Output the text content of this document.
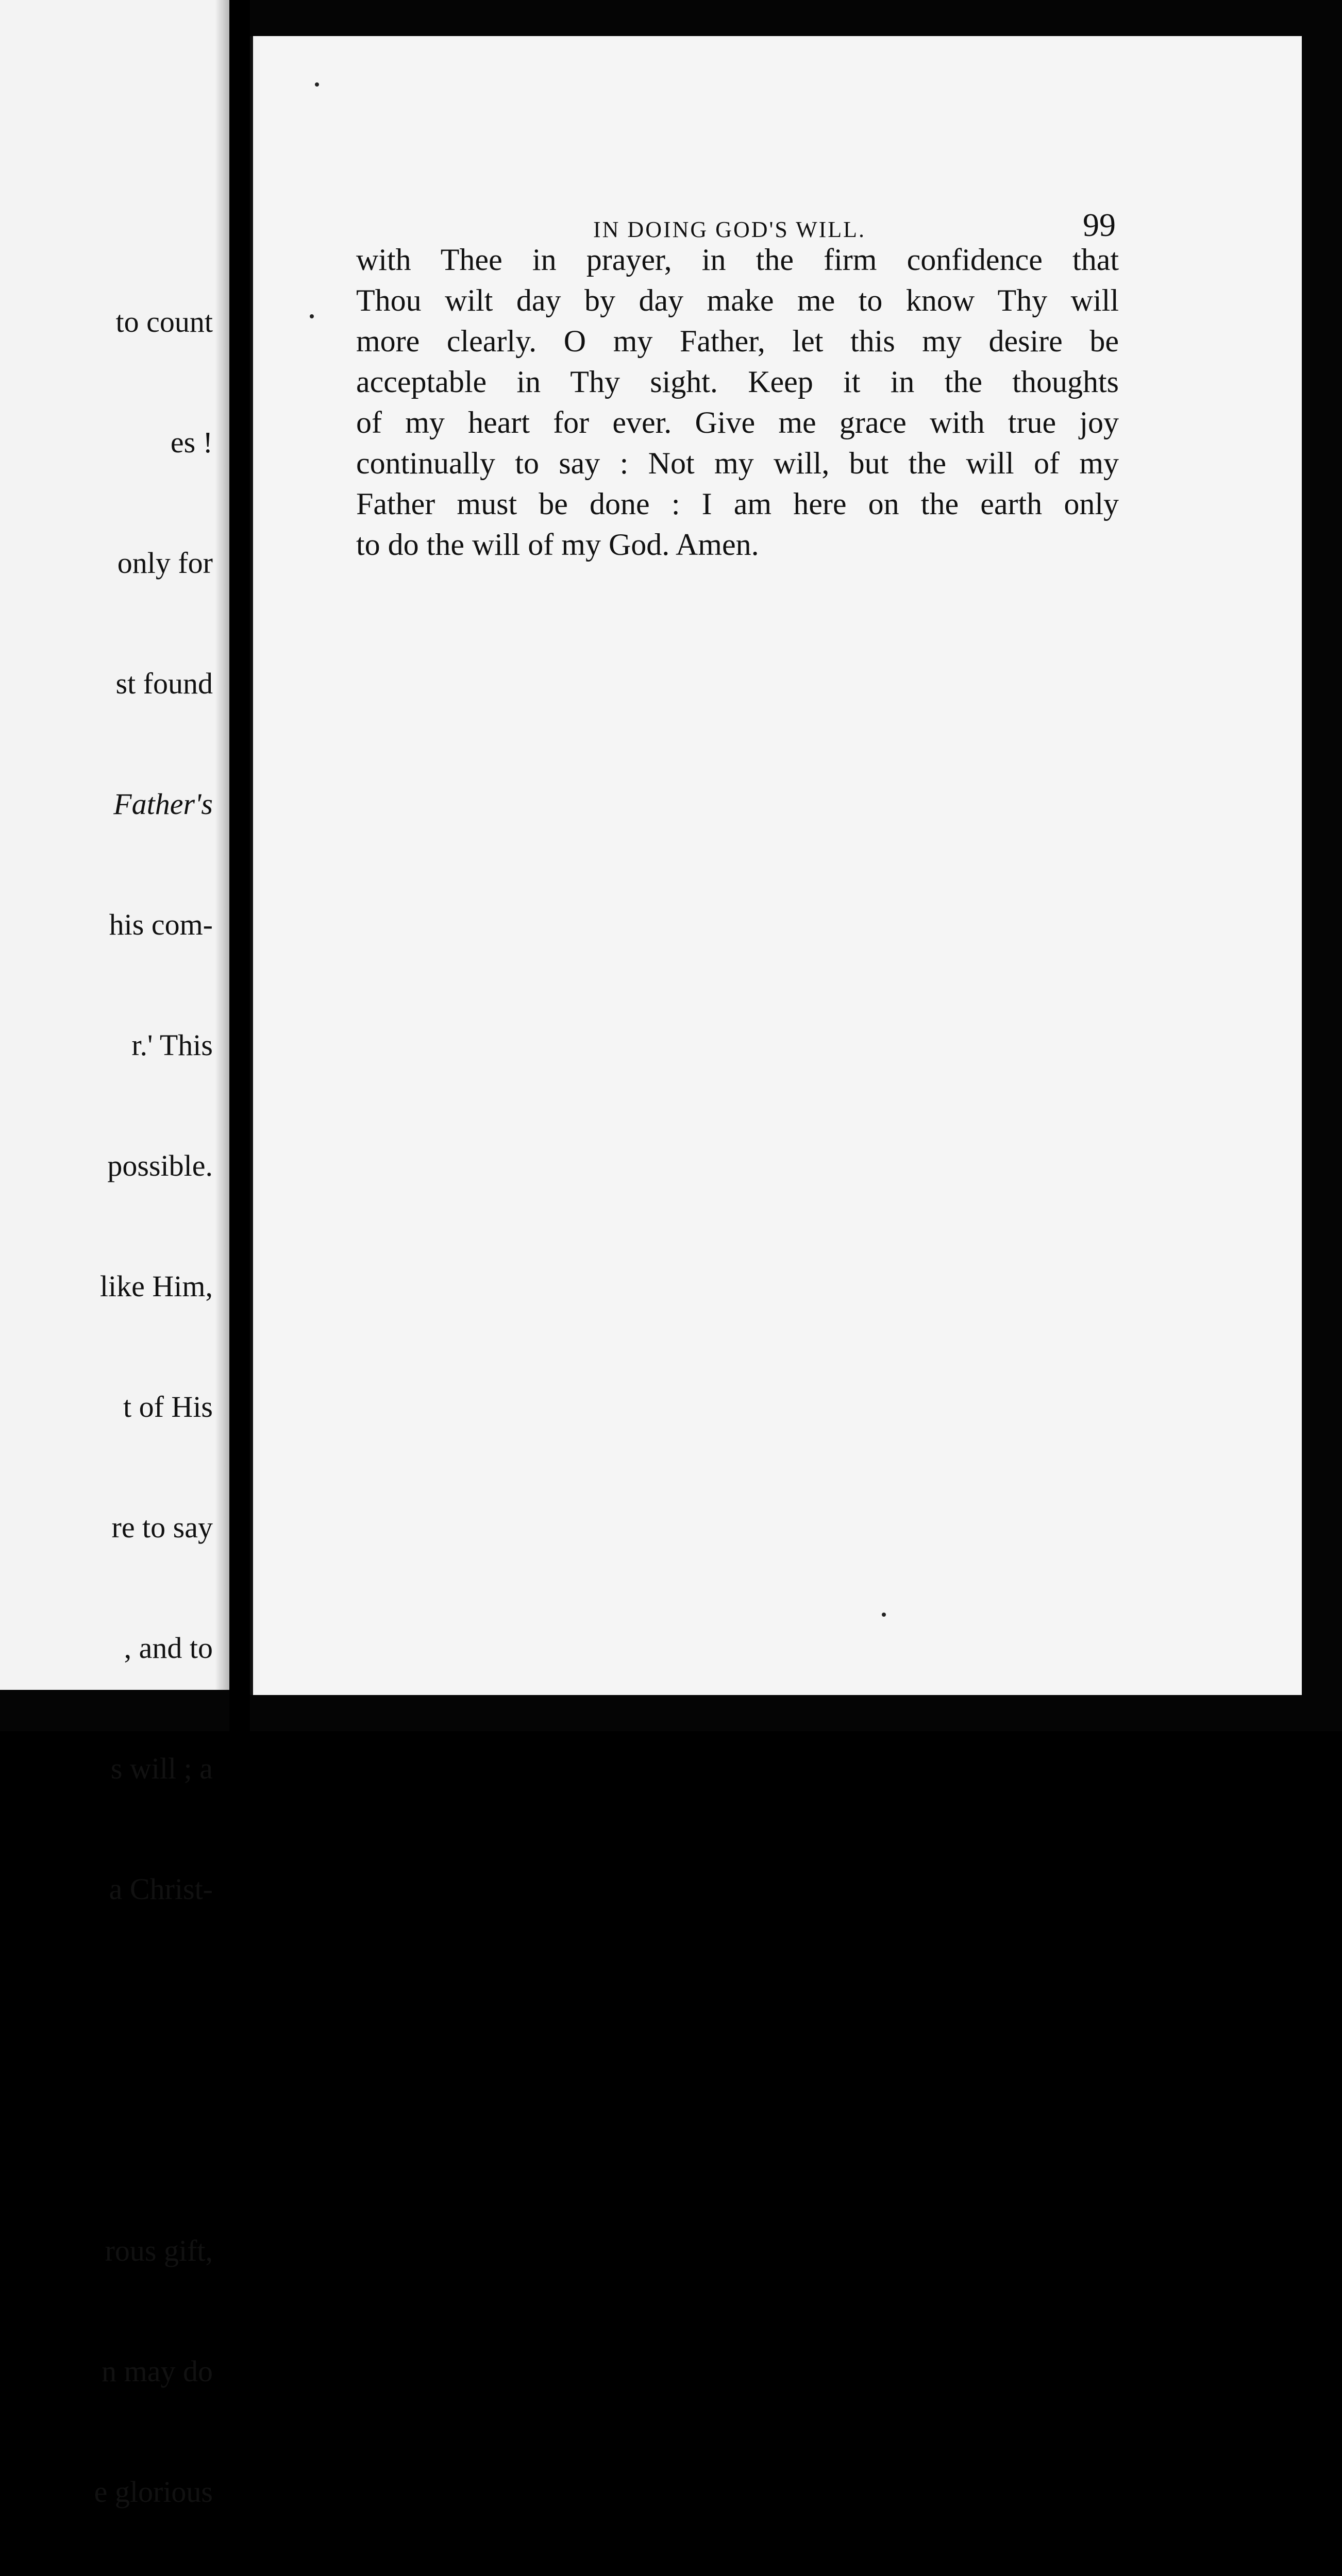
to count

es !

only for

st found

Father's

his com-

r.' This

possible.

like Him,

t of His

re to say

, and to

s will ; a

a Christ-

rous gift,

n may do

e glorious

IN DOING GOD'S WILL.	99
with Thee in prayer, in the firm confidence that
Thou wilt day by day make me to know Thy will
more clearly. O my Father, let this my desire be
acceptable in Thy sight. Keep it in the thoughts
of my heart for ever. Give me grace with true joy
continually to say : Not my will, but the will of my
Father must be done : I am here on the earth only
to do the will of my God. Amen.
